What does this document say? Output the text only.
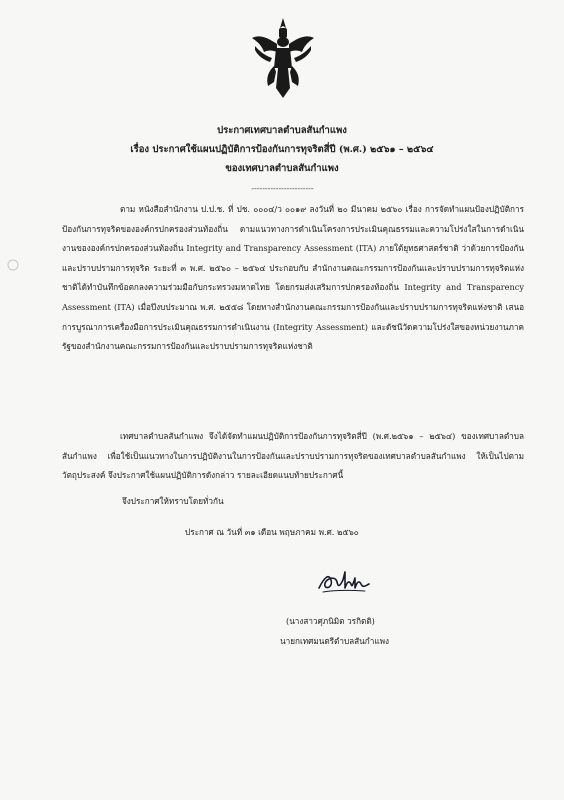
ประกาศเทศบาลตำบลสันกำแพง
เรื่อง ประกาศใช้แผนปฏิบัติการป้องกันการทุจริตสี่ปี (พ.ศ.) ๒๕๖๑ – ๒๕๖๔
ของเทศบาลตำบลสันกำแพง
-----------------------
ตาม หนังสือสำนักงาน ป.ป.ช. ที่ ปช. ๐๐๐๔/ว ๐๐๑๙ ลงวันที่ ๒๐ มีนาคม ๒๕๖๐ เรื่อง การจัดทำแผนป้องปฏิบัติการป้องกันการทุจริตขององค์กรปกครองส่วนท้องถิ่น ตามแนวทางการดำเนินโครงการประเมินคุณธรรมและความโปร่งใสในการดำเนินงานขององค์กรปกครองส่วนท้องถิ่น Integrity and Transparency Assessment (ITA) ภายใต้ยุทธศาสตร์ชาติ ว่าด้วยการป้องกันและปราบปรามการทุจริต ระยะที่ ๓ พ.ศ. ๒๕๖๐ – ๒๕๖๔ ประกอบกับ สำนักงานคณะกรรมการป้องกันและปราบปรามการทุจริตแห่งชาติได้ทำบันทึกข้อตกลงความร่วมมือกับกระทรวงมหาดไทย โดยกรมส่งเสริมการปกครองท้องถิ่น Integrity and Transparency Assessment (ITA) เมื่อปีงบประมาณ พ.ศ. ๒๕๕๘ โดยทางสำนักงานคณะกรรมการป้องกันและปราบปรามการทุจริตแห่งชาติ เสนอการบูรณาการเครื่องมือการประเมินคุณธรรมการดำเนินงาน (Integrity Assessment) และดัชนีวัดความโปร่งใสของหน่วยงานภาครัฐของสำนักงานคณะกรรมการป้องกันและปราบปรามการทุจริตแห่งชาติ
เทศบาลตำบลสันกำแพง จึงได้จัดทำแผนปฏิบัติการป้องกันการทุจริตสี่ปี (พ.ศ.๒๕๖๑ – ๒๕๖๔) ของเทศบาลตำบลสันกำแพง เพื่อใช้เป็นแนวทางในการปฏิบัติงานในการป้องกันและปราบปรามการทุจริตของเทศบาลตำบลสันกำแพง ให้เป็นไปตามวัตถุประสงค์ จึงประกาศใช้แผนปฏิบัติการดังกล่าว รายละเอียดแนบท้ายประกาศนี้
จึงประกาศให้ทราบโดยทั่วกัน
ประกาศ ณ วันที่ ๓๑ เดือน พฤษภาคม พ.ศ. ๒๕๖๐
(นางสาวศุภนิมิต วรกิตติ)
นายกเทศมนตรีตำบลสันกำแพง
